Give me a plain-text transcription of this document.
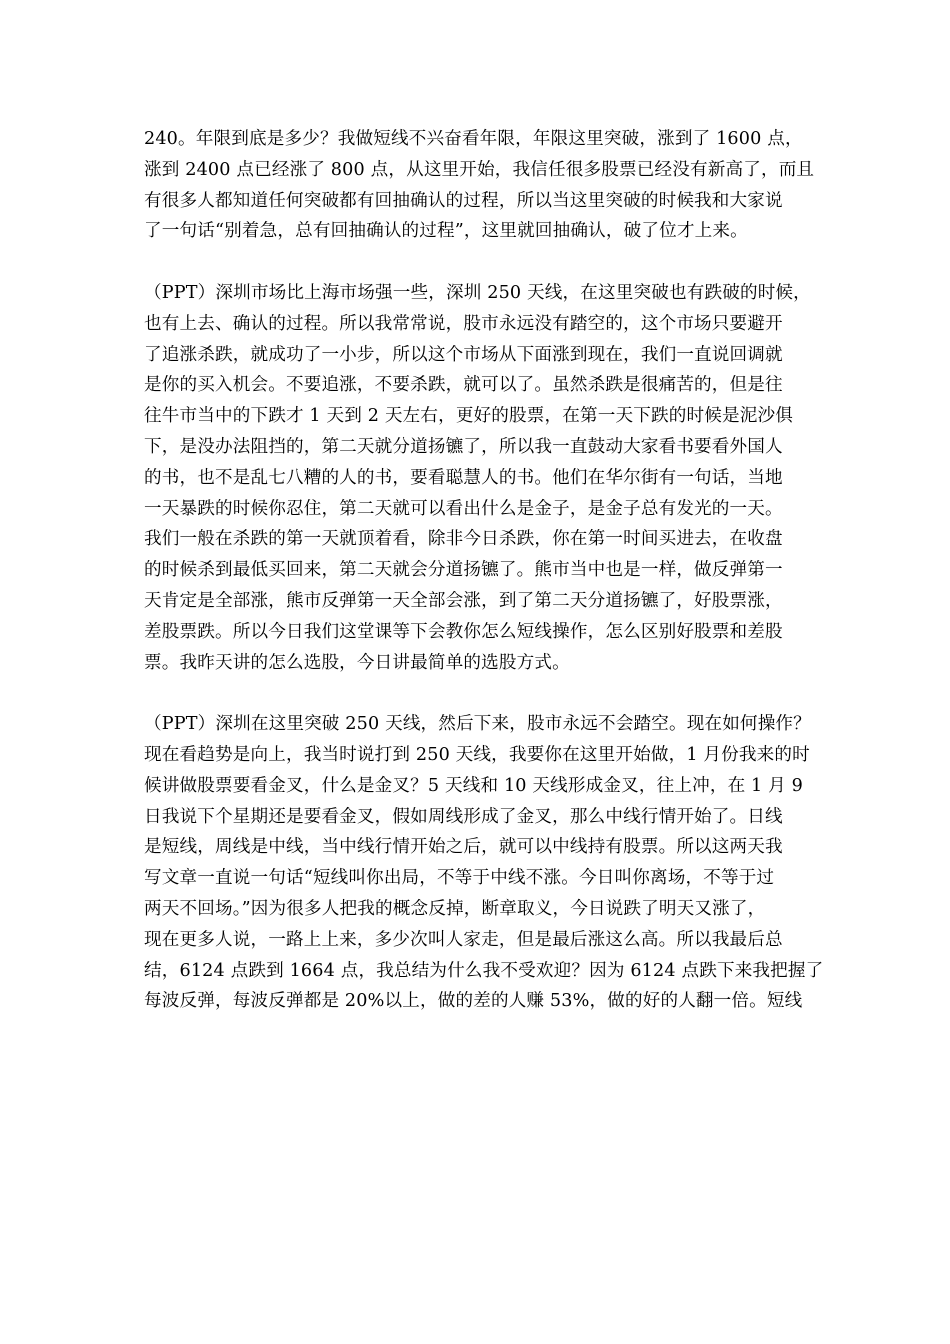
240。年限到底是多少？我做短线不兴奋看年限，年限这里突破，涨到了 1600 点，
涨到 2400 点已经涨了 800 点，从这里开始，我信任很多股票已经没有新高了，而且
有很多人都知道任何突破都有回抽确认的过程，所以当这里突破的时候我和大家说
了一句话“别着急，总有回抽确认的过程”，这里就回抽确认，破了位才上来。
（PPT）深圳市场比上海市场强一些，深圳 250 天线，在这里突破也有跌破的时候，
也有上去、确认的过程。所以我常常说，股市永远没有踏空的，这个市场只要避开
了追涨杀跌，就成功了一小步，所以这个市场从下面涨到现在，我们一直说回调就
是你的买入机会。不要追涨，不要杀跌，就可以了。虽然杀跌是很痛苦的，但是往
往牛市当中的下跌才 1 天到 2 天左右，更好的股票，在第一天下跌的时候是泥沙俱
下，是没办法阻挡的，第二天就分道扬镳了，所以我一直鼓动大家看书要看外国人
的书，也不是乱七八糟的人的书，要看聪慧人的书。他们在华尔街有一句话，当地
一天暴跌的时候你忍住，第二天就可以看出什么是金子，是金子总有发光的一天。
我们一般在杀跌的第一天就顶着看，除非今日杀跌，你在第一时间买进去，在收盘
的时候杀到最低买回来，第二天就会分道扬镳了。熊市当中也是一样，做反弹第一
天肯定是全部涨，熊市反弹第一天全部会涨，到了第二天分道扬镳了，好股票涨，
差股票跌。所以今日我们这堂课等下会教你怎么短线操作，怎么区别好股票和差股
票。我昨天讲的怎么选股，今日讲最简单的选股方式。
（PPT）深圳在这里突破 250 天线，然后下来，股市永远不会踏空。现在如何操作？
现在看趋势是向上，我当时说打到 250 天线，我要你在这里开始做，1 月份我来的时
候讲做股票要看金叉，什么是金叉？5 天线和 10 天线形成金叉，往上冲，在 1 月 9
日我说下个星期还是要看金叉，假如周线形成了金叉，那么中线行情开始了。日线
是短线，周线是中线，当中线行情开始之后，就可以中线持有股票。所以这两天我
写文章一直说一句话“短线叫你出局，不等于中线不涨。今日叫你离场，不等于过
两天不回场。”因为很多人把我的概念反掉，断章取义，今日说跌了明天又涨了，
现在更多人说，一路上上来，多少次叫人家走，但是最后涨这么高。所以我最后总
结，6124 点跌到 1664 点，我总结为什么我不受欢迎？因为 6124 点跌下来我把握了
每波反弹，每波反弹都是 20%以上，做的差的人赚 53%，做的好的人翻一倍。短线
